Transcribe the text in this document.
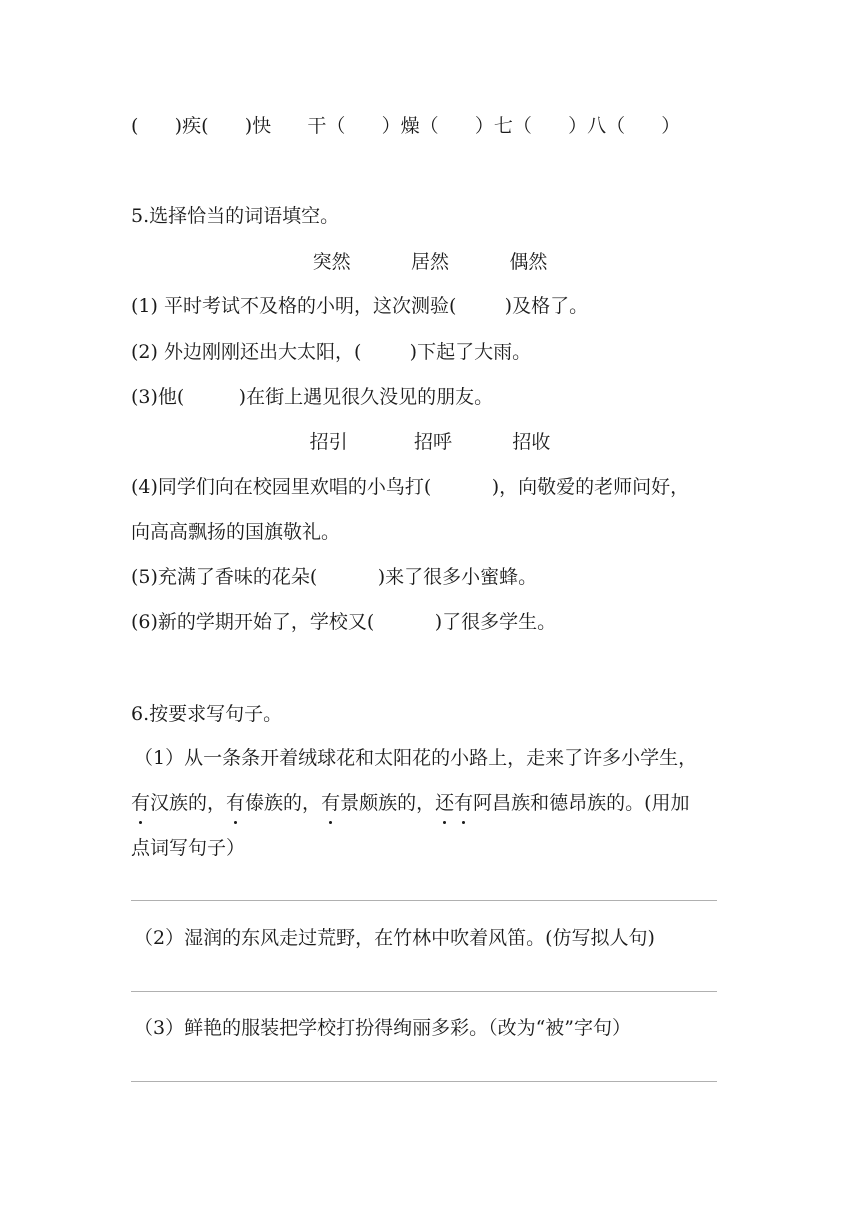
(      )疾(      )快      干（      ）燥（      ）七（      ）八（      ）
5.选择恰当的词语填空。
突然          居然          偶然
(1) 平时考试不及格的小明，这次测验(        )及格了。
(2) 外边刚刚还出大太阳，(        )下起了大雨。
(3)他(         )在街上遇见很久没见的朋友。
招引           招呼          招收
(4)同学们向在校园里欢唱的小鸟打(          )，向敬爱的老师问好，
向高高飘扬的国旗敬礼。
(5)充满了香味的花朵(          )来了很多小蜜蜂。
(6)新的学期开始了，学校又(          )了很多学生。
6.按要求写句子。
（1）从一条条开着绒球花和太阳花的小路上，走来了许多小学生，
有汉族的，有傣族的，有景颇族的，还有阿昌族和德昂族的。(用加
点词写句子）
（2）湿润的东风走过荒野，在竹林中吹着风笛。(仿写拟人句)
（3）鲜艳的服装把学校打扮得绚丽多彩。（改为“被”字句）
